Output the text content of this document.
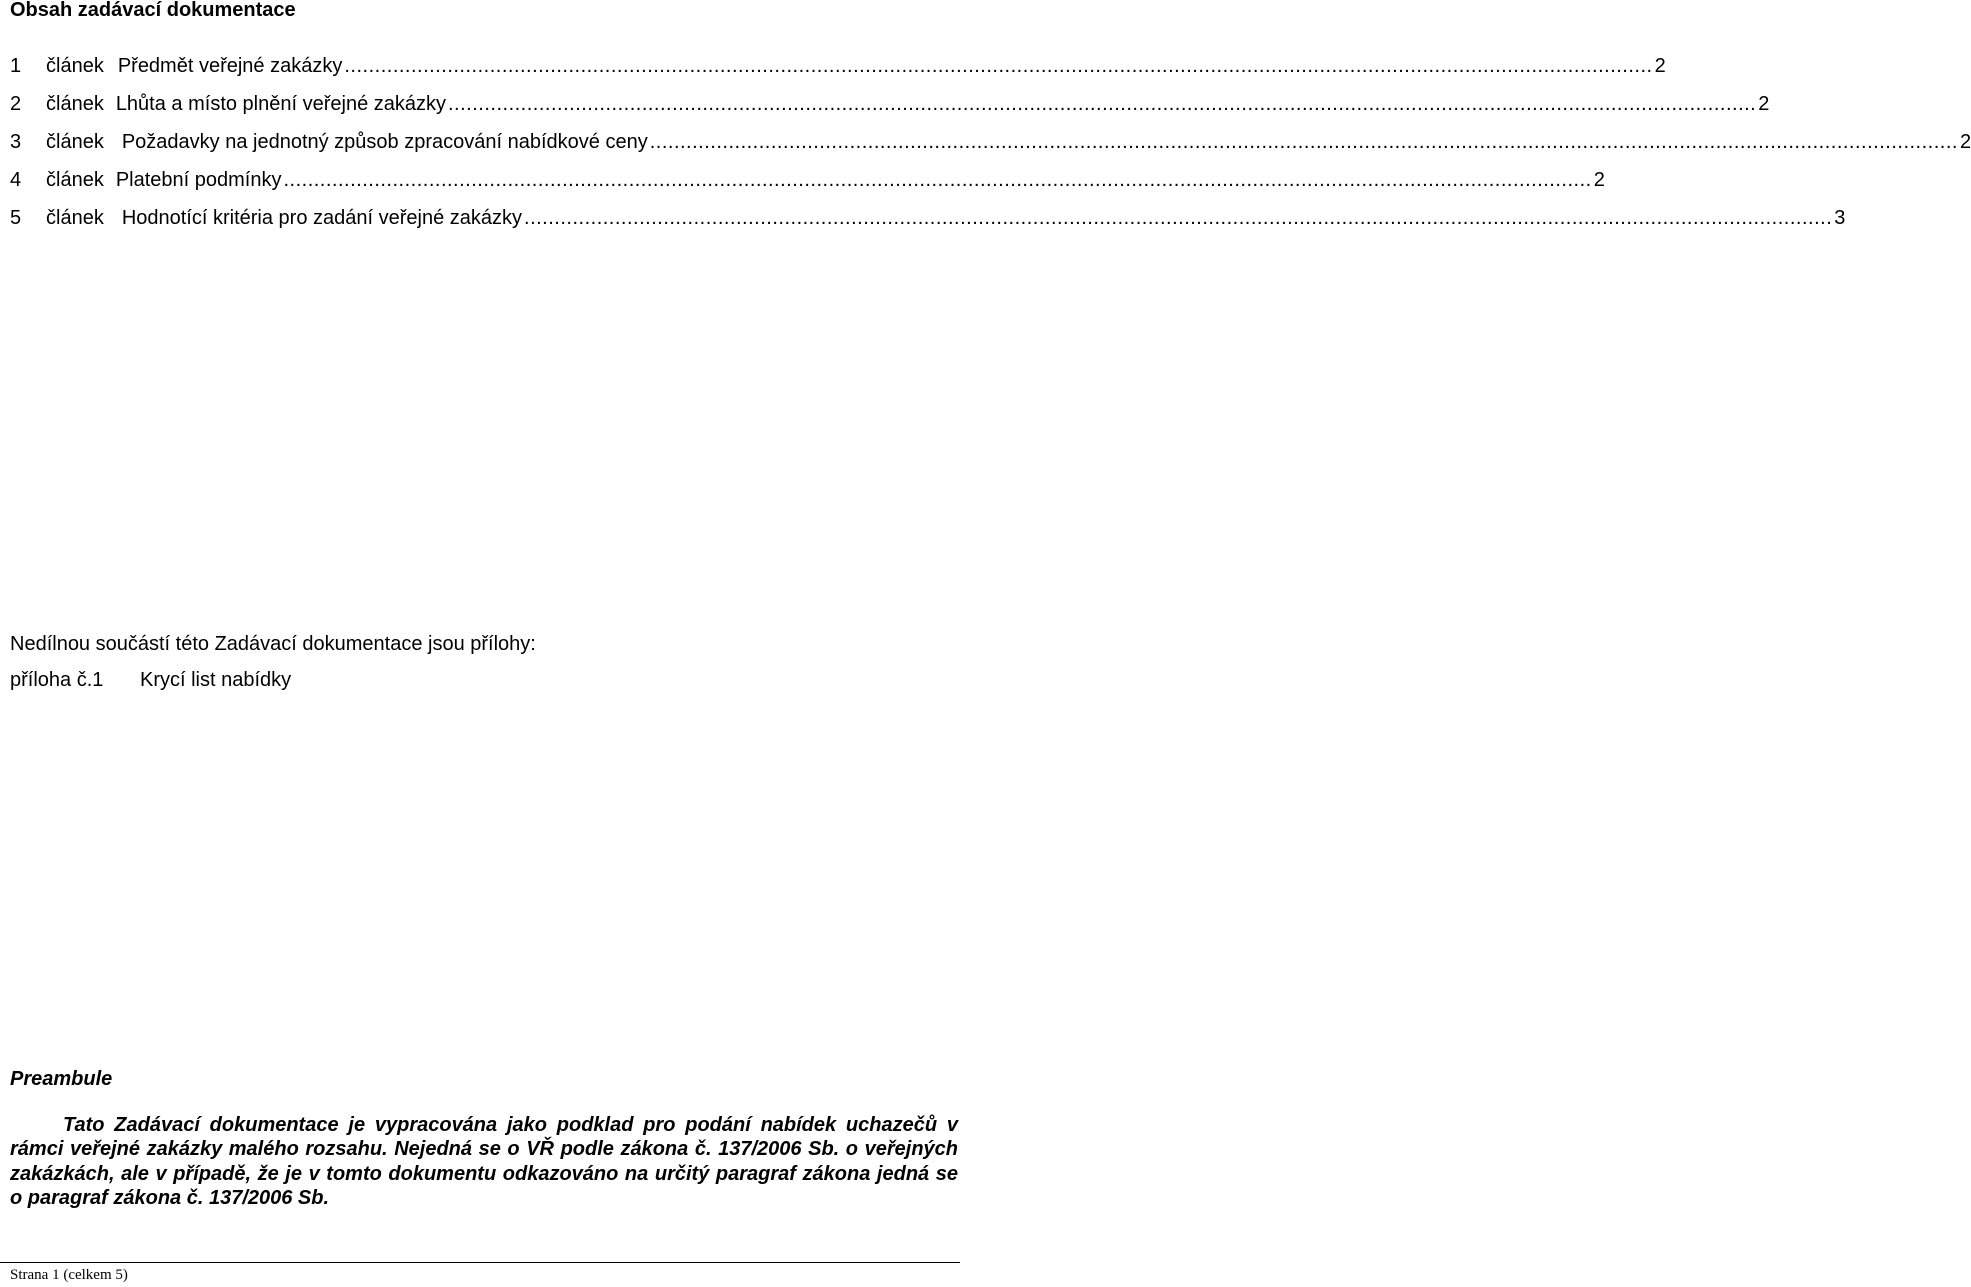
Obsah zadávací dokumentace
1	článek Předmět veřejné zakázky ........................................................................................................................................................................................................................ 2
2	článek Lhůta a místo plnění veřejné zakázky ........................................................................................................................................................................................................................ 2
3	článek Požadavky na jednotný způsob zpracování nabídkové ceny ........................................................................................................................................................................................................................ 2
4	článek Platební podmínky ........................................................................................................................................................................................................................ 2
5	článek Hodnotící kritéria pro zadání veřejné zakázky ........................................................................................................................................................................................................................ 3
Nedílnou součástí této Zadávací dokumentace jsou přílohy:
příloha č.1	Krycí list nabídky
Preambule
Tato Zadávací dokumentace je vypracována jako podklad pro podání nabídek uchazečů v rámci veřejné zakázky malého rozsahu. Nejedná se o VŘ podle zákona č. 137/2006 Sb. o veřejných zakázkách, ale v případě, že je v tomto dokumentu odkazováno na určitý paragraf zákona jedná se o paragraf zákona č. 137/2006 Sb.
Strana 1 (celkem 5)
